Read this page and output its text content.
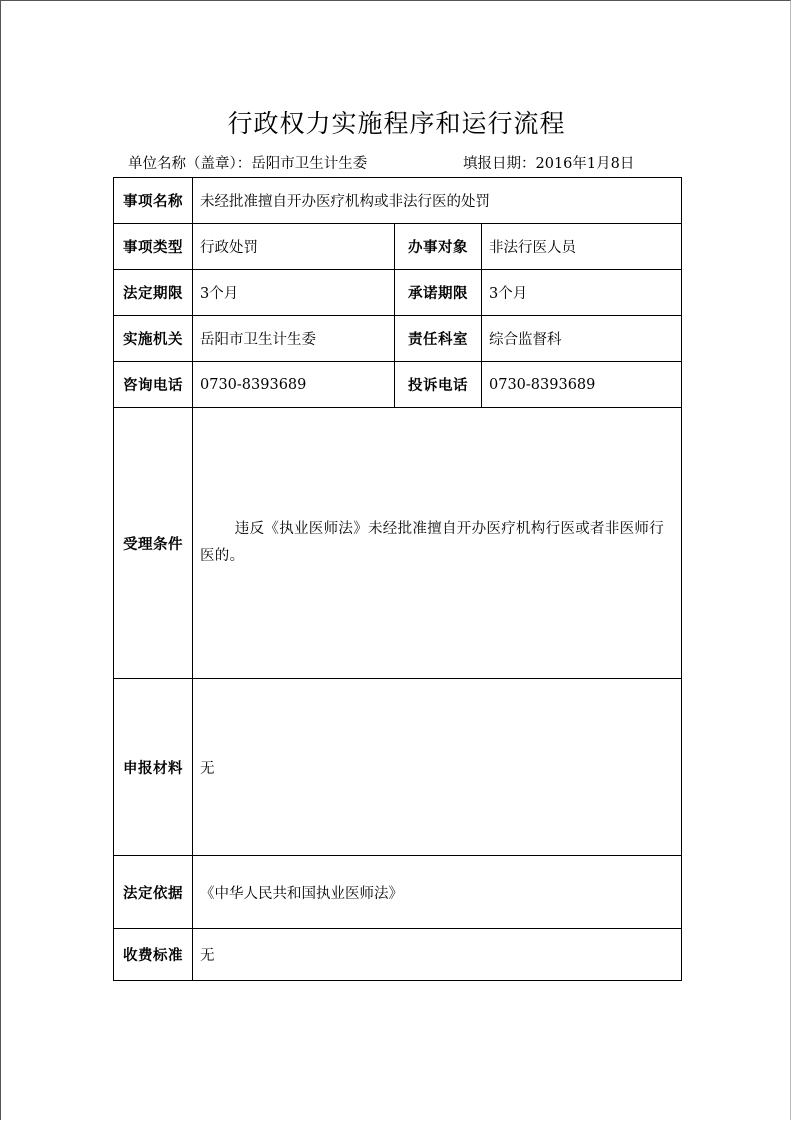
行政权力实施程序和运行流程
单位名称（盖章）：岳阳市卫生计生委	填报日期：2016年1月8日
事项名称	未经批准擅自开办医疗机构或非法行医的处罚		
事项类型	行政处罚	办事对象	非法行医人员
法定期限	3个月	承诺期限	3个月
实施机关	岳阳市卫生计生委	责任科室	综合监督科
咨询电话	0730-8393689	投诉电话	0730-8393689
受理条件	违反《执业医师法》未经批准擅自开办医疗机构行医或者非医师行医的。		

申报材料	无		
法定依据	《中华人民共和国执业医师法》		
收费标准	无		
